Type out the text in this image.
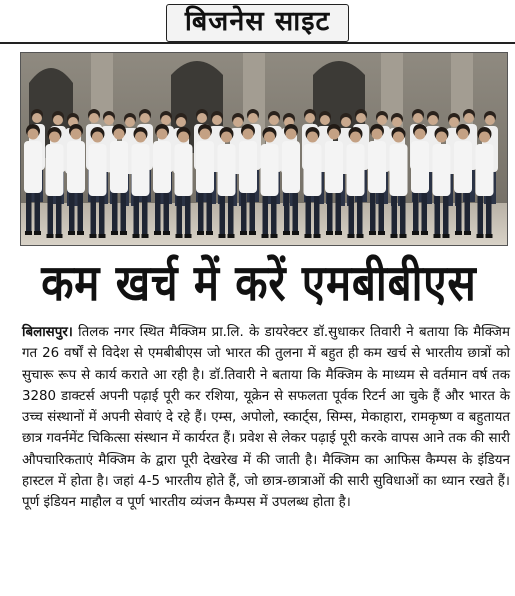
बिजनेस साइट
कम खर्च में करें एमबीबीएस
बिलासपुर। तिलक नगर स्थित मैक्जिम प्रा.लि. के डायरेक्टर डॉ.सुधाकर तिवारी ने बताया कि मैक्जिम गत 26 वर्षों से विदेश से एमबीबीएस जो भारत की तुलना में बहुत ही कम खर्च से भारतीय छात्रों को सुचारू रूप से कार्य कराते आ रही है। डॉ.तिवारी ने बताया कि मैक्जिम के माध्यम से वर्तमान वर्ष तक 3280 डाक्टर्स अपनी पढ़ाई पूरी कर रशिया, यूक्रेन से सफलता पूर्वक रिटर्न आ चुके हैं और भारत के उच्च संस्थानों में अपनी सेवाएं दे रहे हैं। एम्स, अपोलो, स्कार्ट्स, सिम्स, मेकाहारा, रामकृष्ण व बहुतायत छात्र गवर्नमेंट चिकित्सा संस्थान में कार्यरत हैं। प्रवेश से लेकर पढ़ाई पूरी करके वापस आने तक की सारी औपचारिकताएं मैक्जिम के द्वारा पूरी देखरेख में की जाती है। मैक्जिम का आफिस कैम्पस के इंडियन हास्टल में होता है। जहां 4-5 भारतीय होते हैं, जो छात्र-छात्राओं की सारी सुविधाओं का ध्यान रखते हैं। पूर्ण इंडियन माहौल व पूर्ण भारतीय व्यंजन कैम्पस में उपलब्ध होता है।
